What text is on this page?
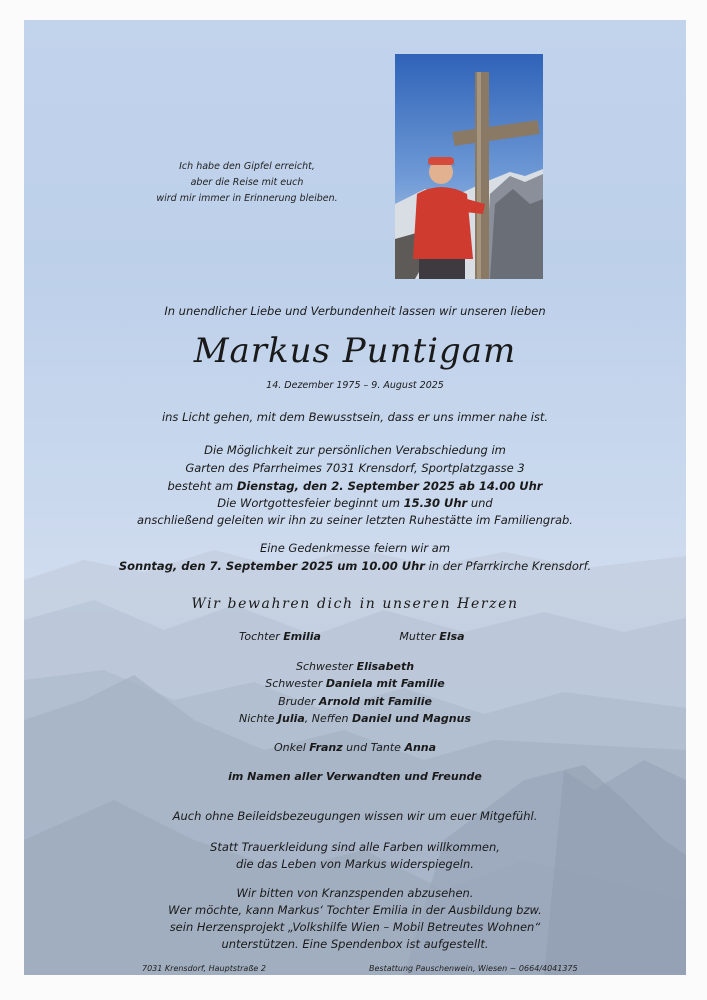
Ich habe den Gipfel erreicht,
aber die Reise mit euch
wird mir immer in Erinnerung bleiben.
In unendlicher Liebe und Verbundenheit lassen wir unseren lieben
Markus Puntigam
14. Dezember 1975 – 9. August 2025
ins Licht gehen, mit dem Bewusstsein, dass er uns immer nahe ist.
Die Möglichkeit zur persönlichen Verabschiedung im
Garten des Pfarrheimes 7031 Krensdorf, Sportplatzgasse 3
besteht am Dienstag, den 2. September 2025 ab 14.00 Uhr
Die Wortgottesfeier beginnt um 15.30 Uhr und
anschließend geleiten wir ihn zu seiner letzten Ruhestätte im Familiengrab.
Eine Gedenkmesse feiern wir am
Sonntag, den 7. September 2025 um 10.00 Uhr in der Pfarrkirche Krensdorf.
Wir bewahren dich in unseren Herzen
Tochter Emilia	Mutter Elsa
Schwester Elisabeth
Schwester Daniela mit Familie
Bruder Arnold mit Familie
Nichte Julia, Neffen Daniel und Magnus
Onkel Franz und Tante Anna
im Namen aller Verwandten und Freunde
Auch ohne Beileidsbezeugungen wissen wir um euer Mitgefühl.
Statt Trauerkleidung sind alle Farben willkommen,
die das Leben von Markus widerspiegeln.
Wir bitten von Kranzspenden abzusehen.
Wer möchte, kann Markus‘ Tochter Emilia in der Ausbildung bzw.
sein Herzensprojekt „Volkshilfe Wien – Mobil Betreutes Wohnen“
unterstützen. Eine Spendenbox ist aufgestellt.
7031 Krensdorf, Hauptstraße 2	Bestattung Pauschenwein, Wiesen ~ 0664/4041375
